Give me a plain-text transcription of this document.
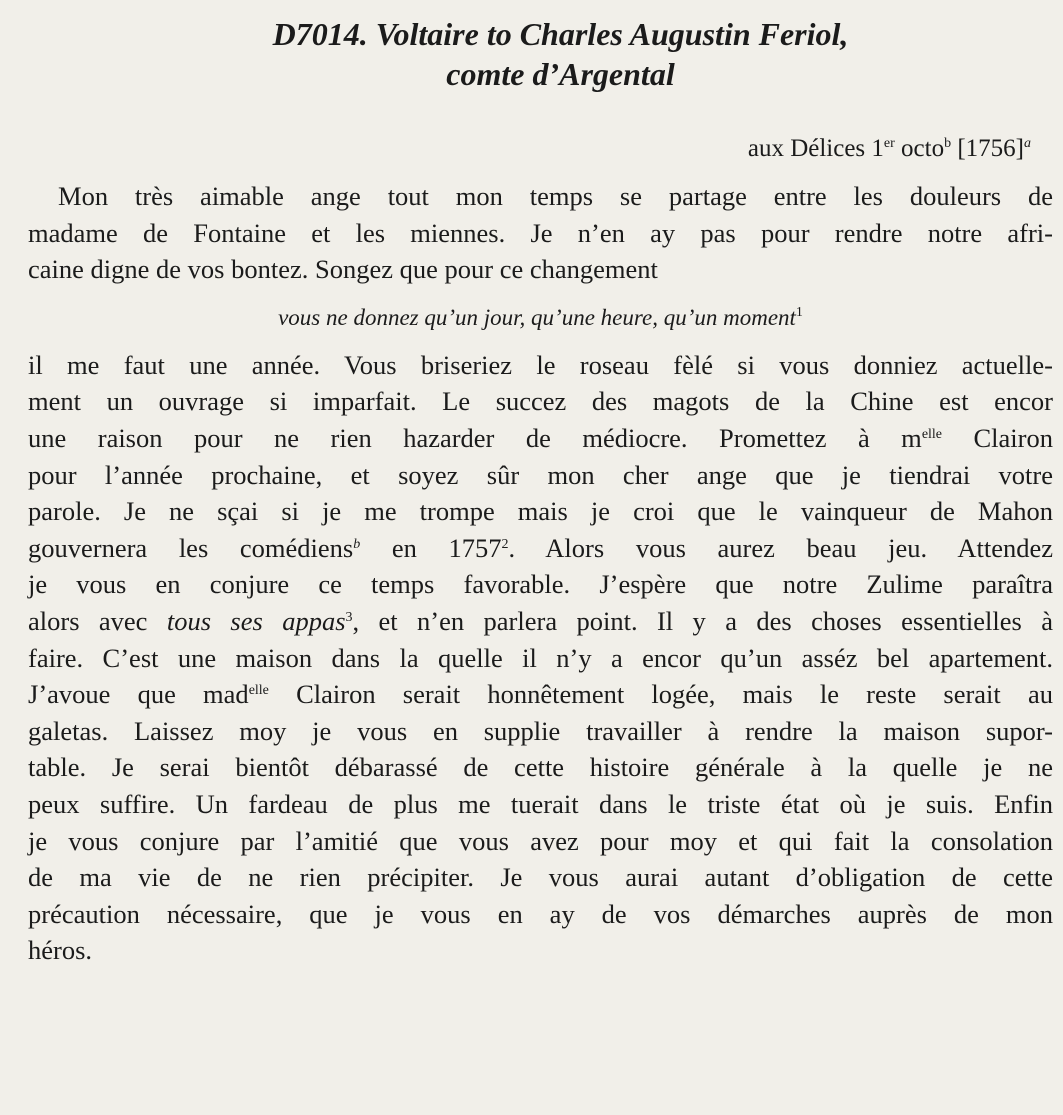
D7014. Voltaire to Charles Augustin Feriol,
comte d’Argental
aux Délices 1er octo$^b$ $[1756]^a$
Mon très aimable ange tout mon temps se partage entre les douleurs de
madame de Fontaine et les miennes. Je n’en ay pas pour rendre notre afri-
caine digne de vos bontez. Songez que pour ce changement
vous ne donnez qu’un jour, qu’une heure, qu’un moment$^1$
il me faut une année. Vous briseriez le roseau fèlé si vous donniez actuelle-
ment un ouvrage si imparfait. Le succez des magots de la Chine est encor
une raison pour ne rien hazarder de médiocre. Promettez à $m^{elle}$ Clairon
pour l’année prochaine, et soyez sûr mon cher ange que je tiendrai votre
parole. Je ne sçai si je me trompe mais je croi que le vainqueur de Mahon
gouvernera les comédiens$^b$ en 1757$^2$. Alors vous aurez beau jeu. Attendez
je vous en conjure ce temps favorable. J’espère que notre Zulime paraîtra
alors avec tous ses appas$^3$, et n’en parlera point. Il y a des choses essentielles à
faire. C’est une maison dans la quelle il n’y a encor qu’un asséz bel apartement.
J’avoue que mad$^{elle}$ Clairon serait honnêtement logée, mais le reste serait au
galetas. Laissez moy je vous en supplie travailler à rendre la maison supor-
table. Je serai bientôt débarassé de cette histoire générale à la quelle je ne
peux suffire. Un fardeau de plus me tuerait dans le triste état où je suis. Enfin
je vous conjure par l’amitié que vous avez pour moy et qui fait la consolation
de ma vie de ne rien précipiter. Je vous aurai autant d’obligation de cette
précaution nécessaire, que je vous en ay de vos démarches auprès de mon
héros.
